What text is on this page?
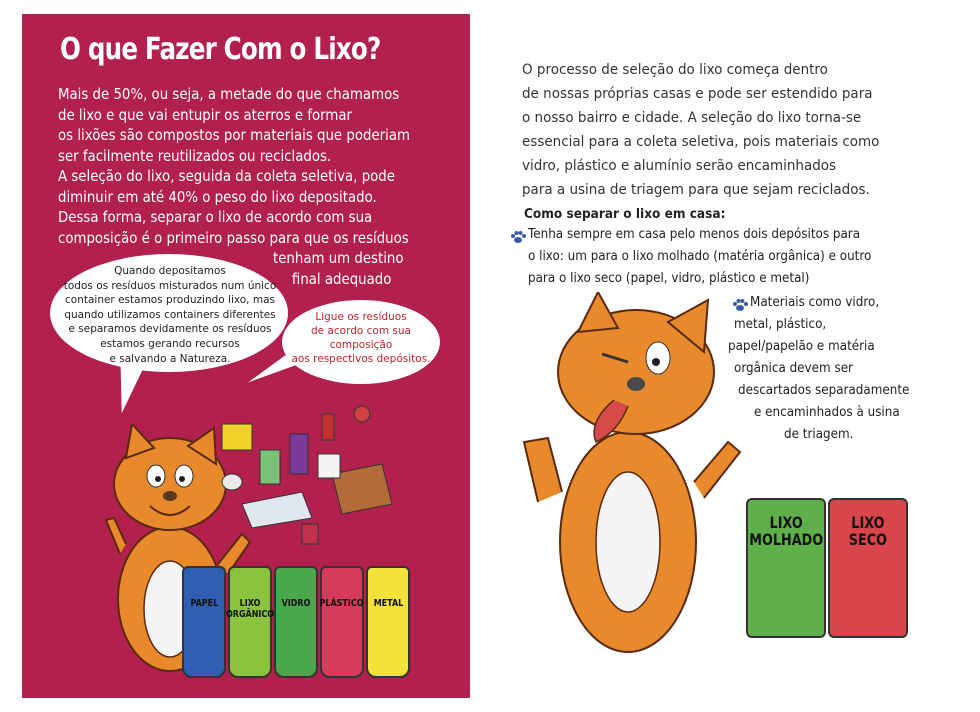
O que Fazer Com o Lixo?
Mais de 50%, ou seja, a metade do que chamamos
de lixo e que vai entupir os aterros e formar
os lixões são compostos por materiais que poderiam
ser facilmente reutilizados ou reciclados.
A seleção do lixo, seguida da coleta seletiva, pode
diminuir em até 40% o peso do lixo depositado.
Dessa forma, separar o lixo de acordo com sua
composição é o primeiro passo para que os resíduos
tenham um destino
final adequado
Quando depositamos
todos os resíduos misturados num único
container estamos produzindo lixo, mas
quando utilizamos containers diferentes
e separamos devidamente os resíduos
estamos gerando recursos
e salvando a Natureza.
Ligue os resíduos
de acordo com sua composição
aos respectivos depósitos.
PAPEL	LIXO
ORGÂNICO
VIDRO PLÁSTICO METAL
O processo de seleção do lixo começa dentro
de nossas próprias casas e pode ser estendido para
o nosso bairro e cidade. A seleção do lixo torna-se
essencial para a coleta seletiva, pois materiais como
vidro, plástico e alumínio serão encaminhados
para a usina de triagem para que sejam reciclados.
Como separar o lixo em casa:
Tenha sempre em casa pelo menos dois depósitos para
o lixo: um para o lixo molhado (matéria orgânica) e outro
para o lixo seco (papel, vidro, plástico e metal)
Materiais como vidro,
metal, plástico,
papel/papelão e matéria
orgânica devem ser
descartados separadamente
e encaminhados à usina
de triagem.
LIXO
MOLHADO
LIXO
SECO
